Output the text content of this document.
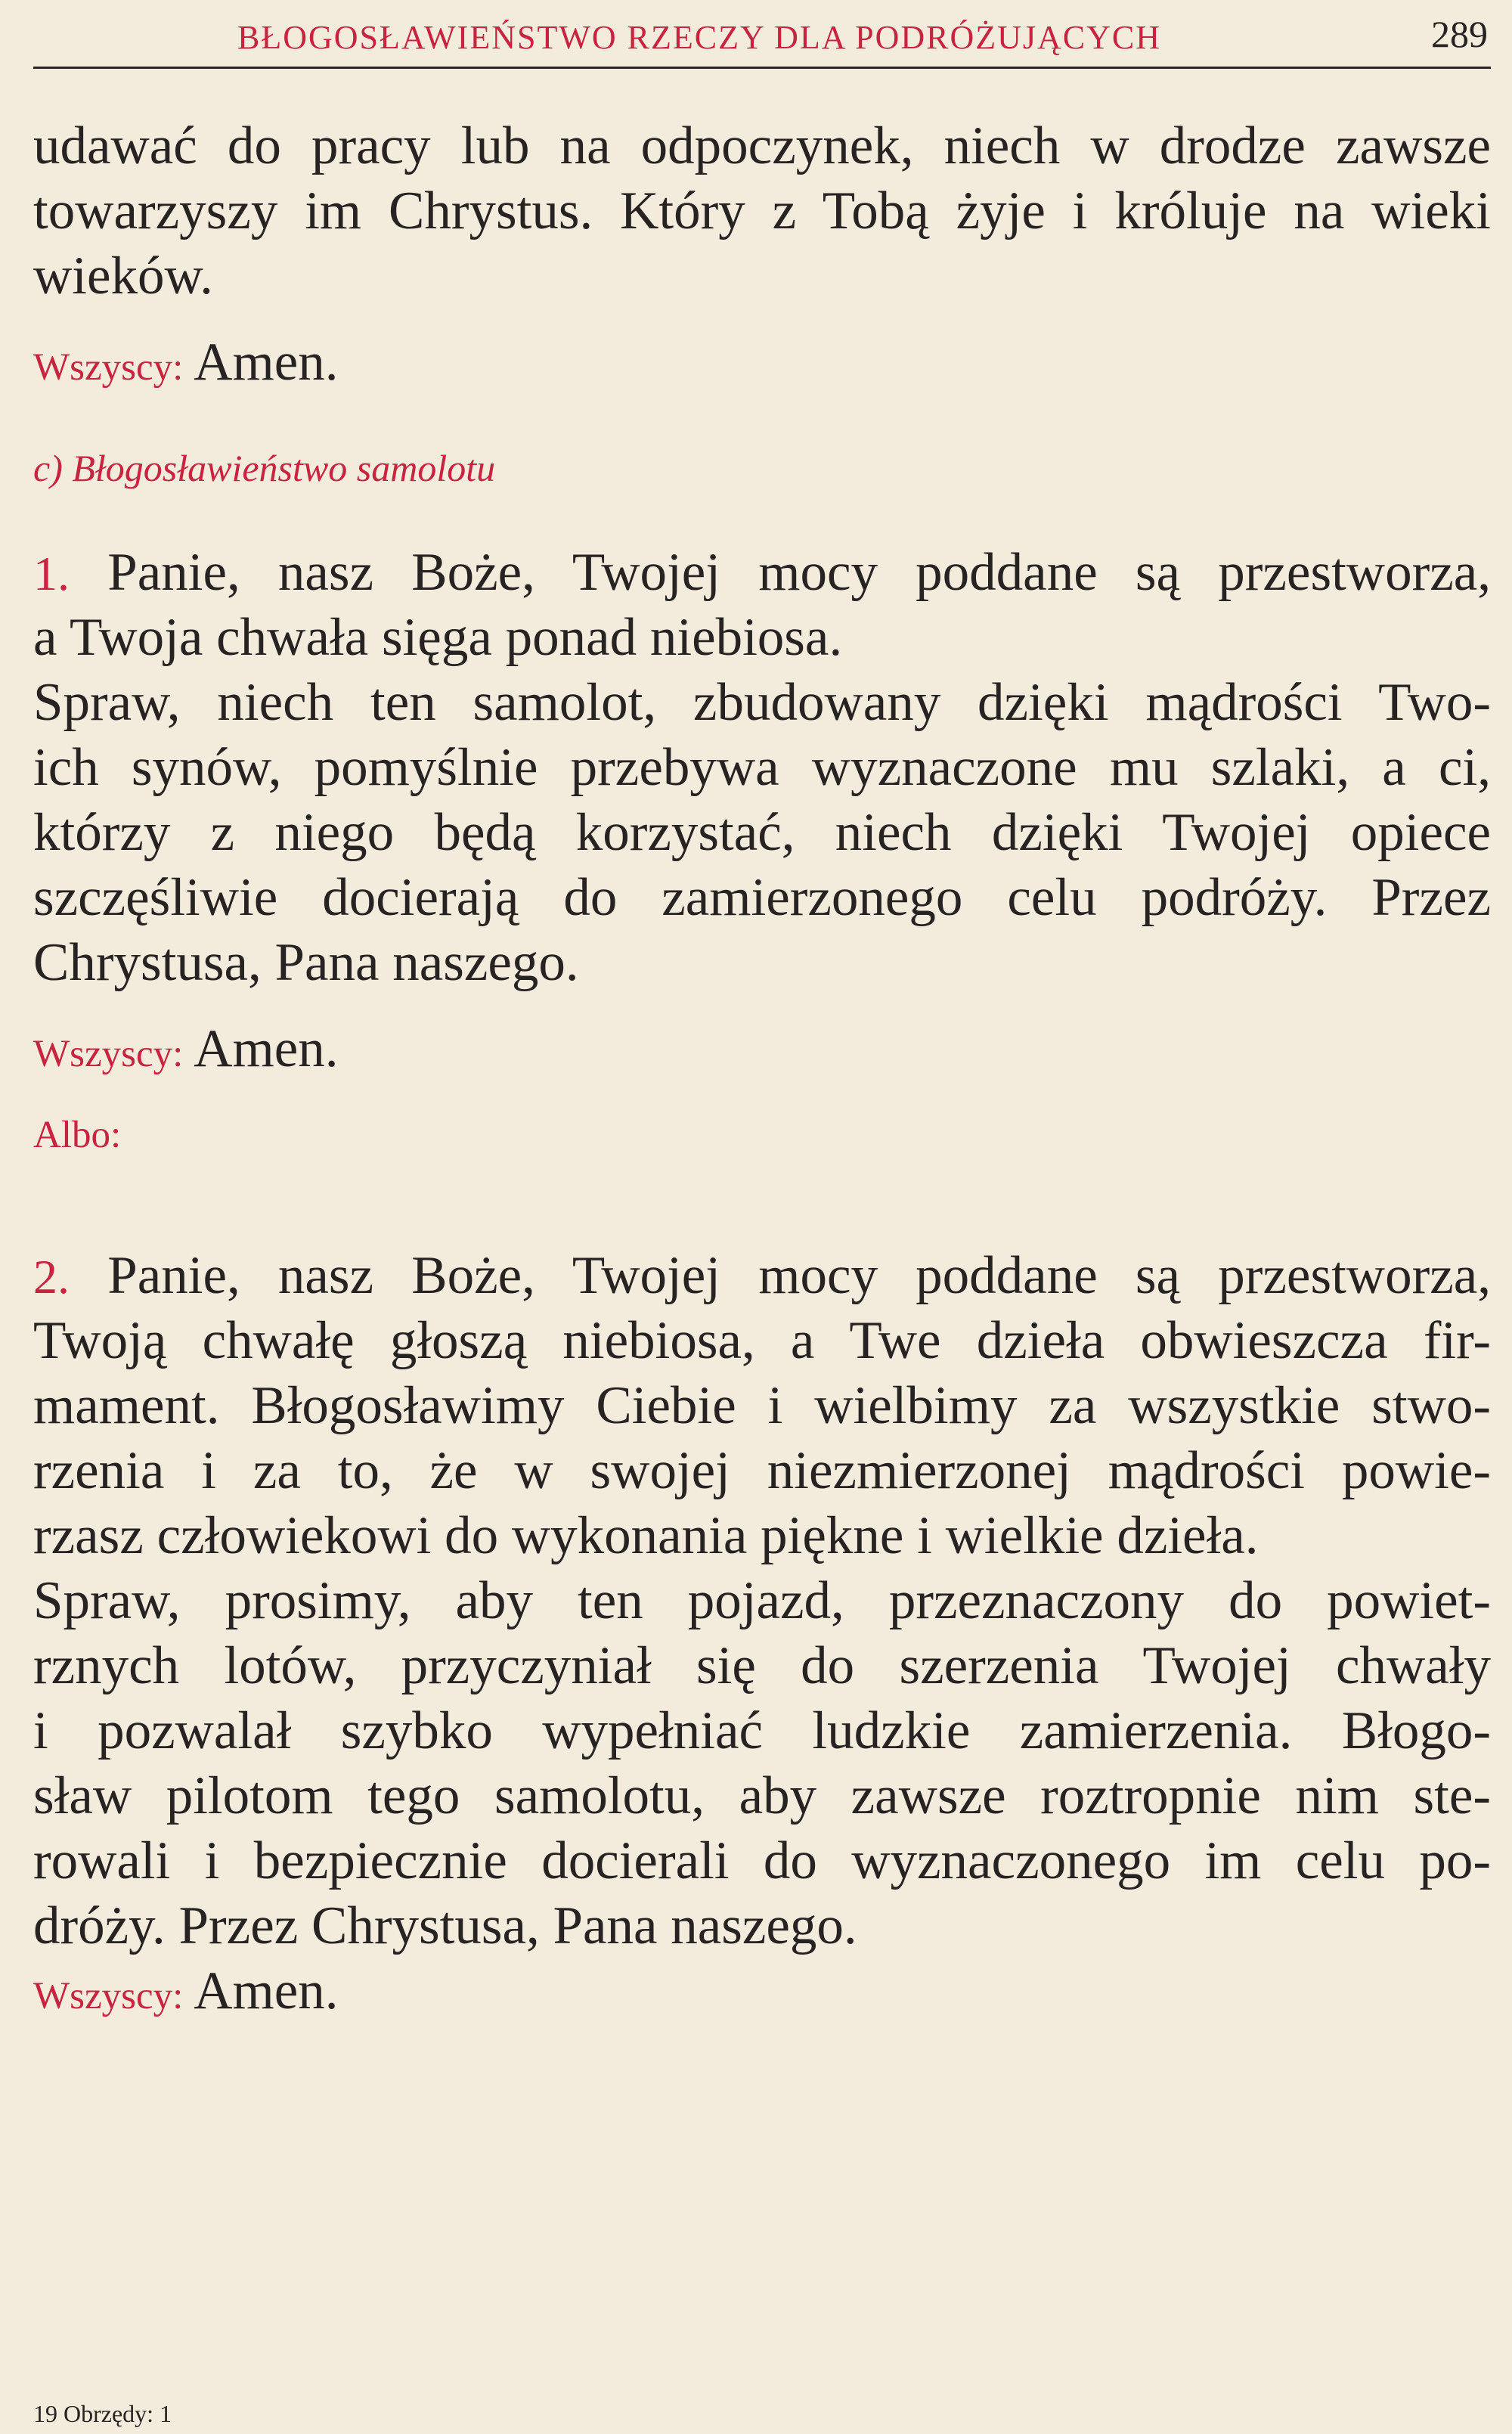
BŁOGOSŁAWIEŃSTWO RZECZY DLA PODRÓŻUJĄCYCH	289
udawać do pracy lub na odpoczynek, niech w drodze zawsze
towarzyszy im Chrystus. Który z Tobą żyje i króluje na wieki
wieków.
Wszyscy: Amen.
c) Błogosławieństwo samolotu
1. Panie, nasz Boże, Twojej mocy poddane są przestworza,
a Twoja chwała sięga ponad niebiosa.
Spraw, niech ten samolot, zbudowany dzięki mądrości Two-
ich synów, pomyślnie przebywa wyznaczone mu szlaki, a ci,
którzy z niego będą korzystać, niech dzięki Twojej opiece
szczęśliwie docierają do zamierzonego celu podróży. Przez
Chrystusa, Pana naszego.
Wszyscy: Amen.
Albo:
2. Panie, nasz Boże, Twojej mocy poddane są przestworza,
Twoją chwałę głoszą niebiosa, a Twe dzieła obwieszcza fir-
mament. Błogosławimy Ciebie i wielbimy za wszystkie stwo-
rzenia i za to, że w swojej niezmierzonej mądrości powie-
rzasz człowiekowi do wykonania piękne i wielkie dzieła.
Spraw, prosimy, aby ten pojazd, przeznaczony do powiet-
rznych lotów, przyczyniał się do szerzenia Twojej chwały
i pozwalał szybko wypełniać ludzkie zamierzenia. Błogo-
sław pilotom tego samolotu, aby zawsze roztropnie nim ste-
rowali i bezpiecznie docierali do wyznaczonego im celu po-
dróży. Przez Chrystusa, Pana naszego.
Wszyscy: Amen.
19 Obrzędy: 1
